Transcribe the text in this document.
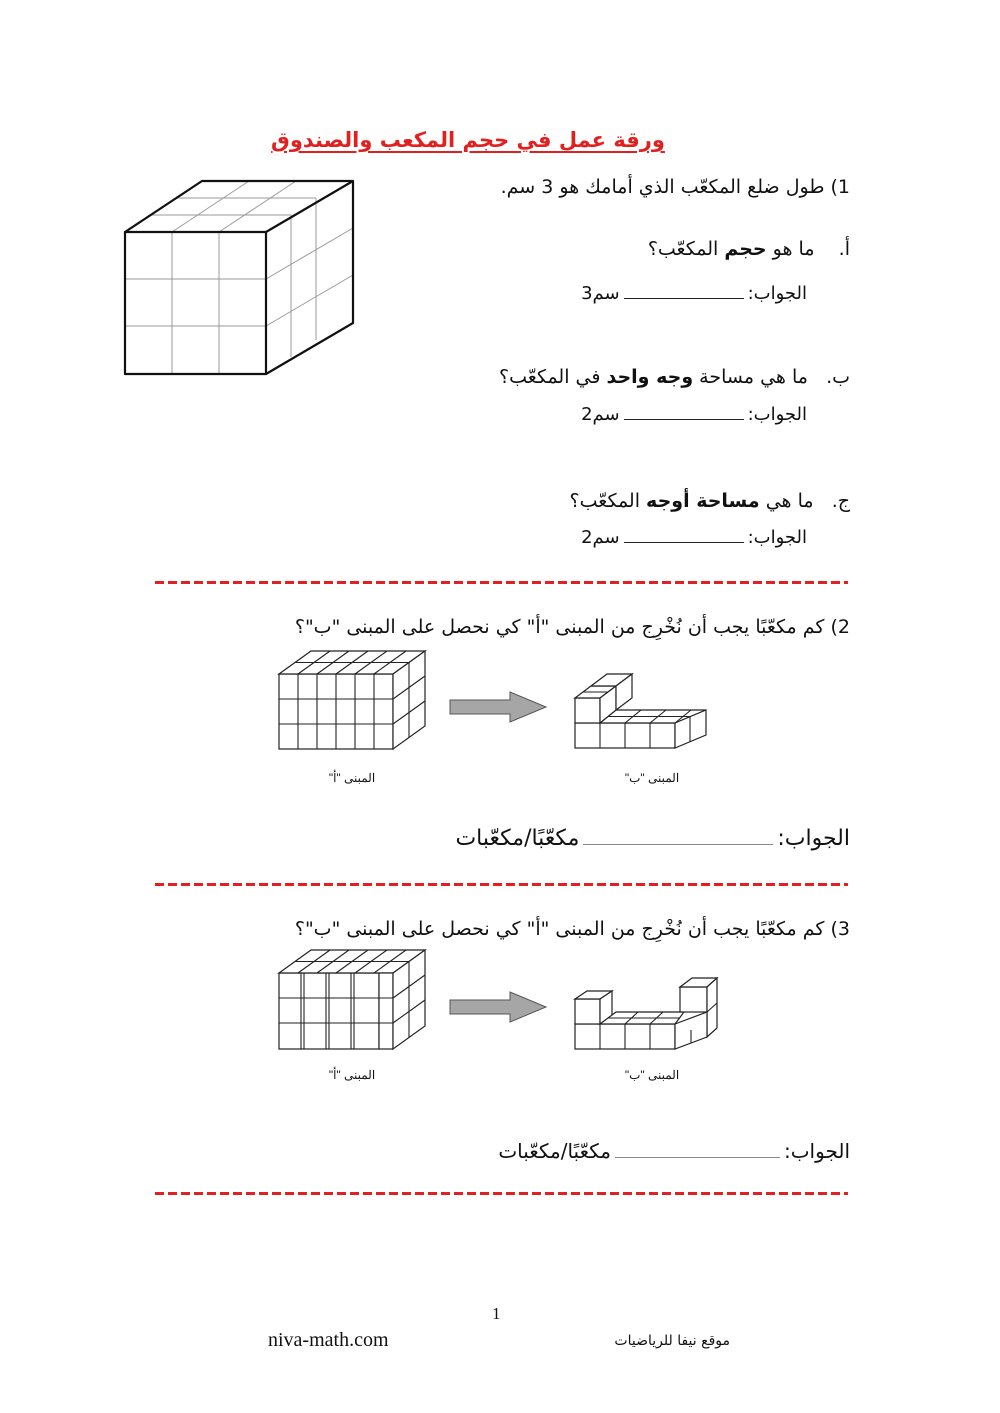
ورقة عمل في حجم المكعب والصندوق
1) طول ضلع المكعّب الذي أمامك هو 3 سم.
أ.    ما هو حجم المكعّب؟
الجواب:سم3
ب.   ما هي مساحة وجه واحد في المكعّب؟
الجواب:سم2
ج.   ما هي مساحة أوجه المكعّب؟
الجواب:سم2
2) كم مكعّبًا يجب أن نُخْرِج من المبنى "أ" كي نحصل على المبنى "ب"؟
المبنى "أ"	المبنى "ب"
الجواب:مكعّبًا/مكعّبات
3) كم مكعّبًا يجب أن نُخْرِج من المبنى "أ" كي نحصل على المبنى "ب"؟
المبنى "أ"	المبنى "ب"
الجواب:مكعّبًا/مكعّبات
1
niva-math.com	موقع نيفا للرياضيات
